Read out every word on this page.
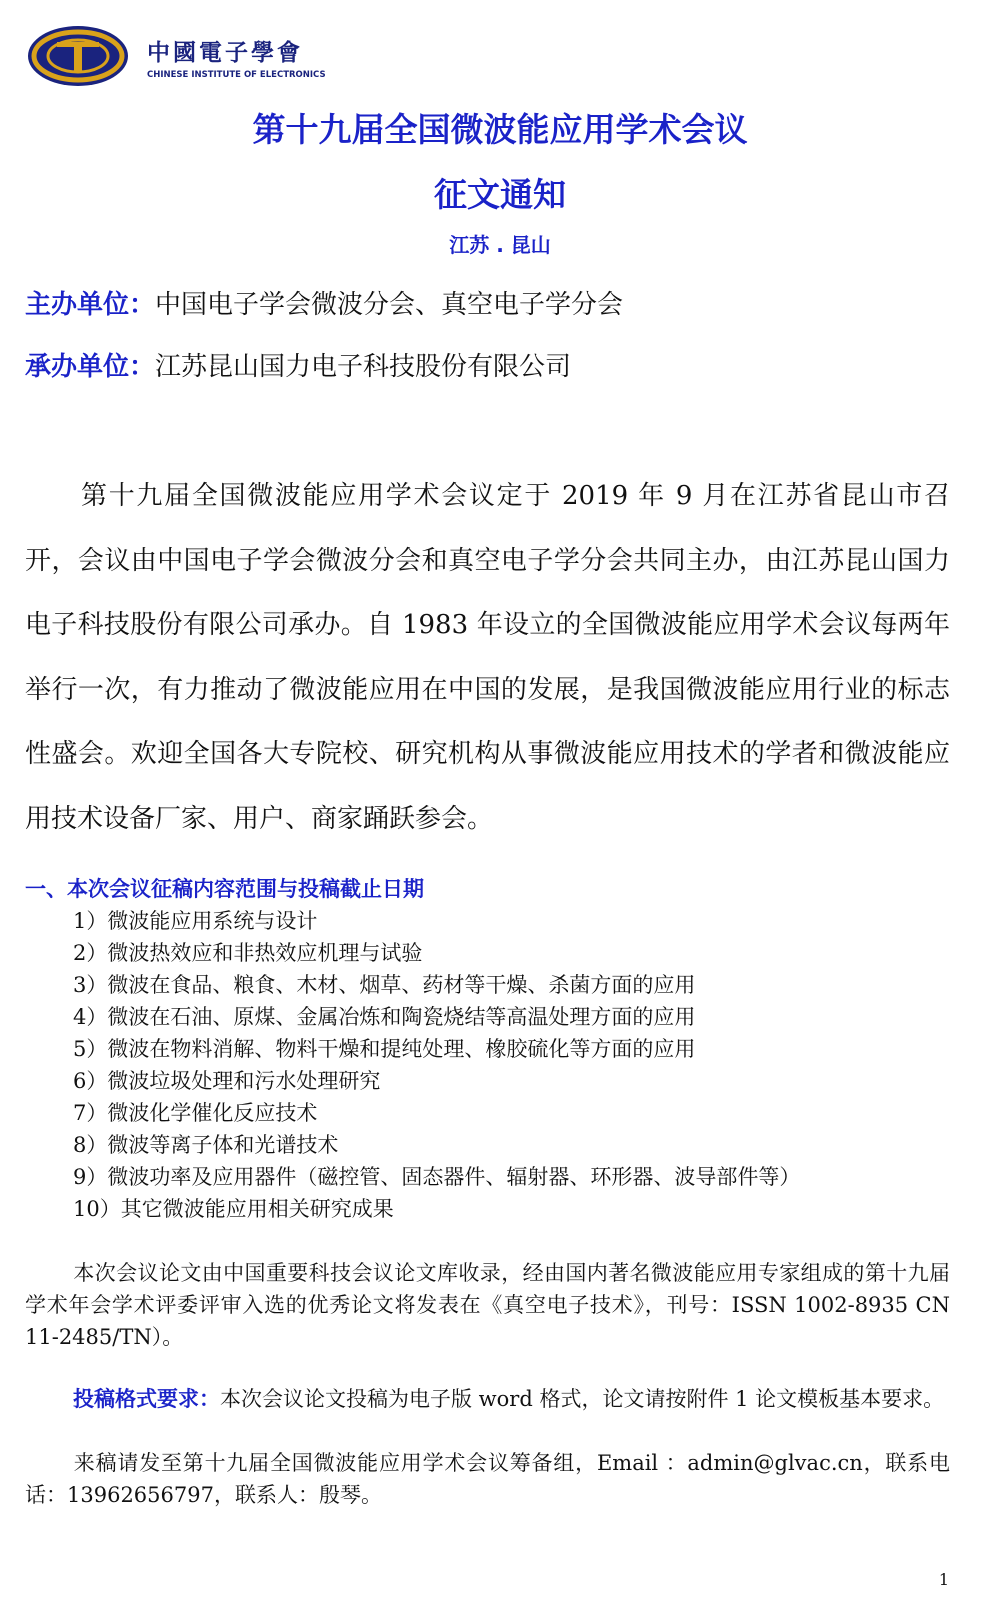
中國電子學會
CHINESE INSTITUTE OF ELECTRONICS
第十九届全国微波能应用学术会议
征文通知
江苏 . 昆山
主办单位：中国电子学会微波分会、真空电子学分会
承办单位：江苏昆山国力电子科技股份有限公司

第十九届全国微波能应用学术会议定于 2019 年 9 月在江苏省昆山市召开，会议由中国电子学会微波分会和真空电子学分会共同主办，由江苏昆山国力电子科技股份有限公司承办。自 1983 年设立的全国微波能应用学术会议每两年举行一次，有力推动了微波能应用在中国的发展，是我国微波能应用行业的标志性盛会。欢迎全国各大专院校、研究机构从事微波能应用技术的学者和微波能应用技术设备厂家、用户、商家踊跃参会。

一、本次会议征稿内容范围与投稿截止日期
1）微波能应用系统与设计
2）微波热效应和非热效应机理与试验
3）微波在食品、粮食、木材、烟草、药材等干燥、杀菌方面的应用
4）微波在石油、原煤、金属冶炼和陶瓷烧结等高温处理方面的应用
5）微波在物料消解、物料干燥和提纯处理、橡胶硫化等方面的应用
6）微波垃圾处理和污水处理研究
7）微波化学催化反应技术
8）微波等离子体和光谱技术
9）微波功率及应用器件（磁控管、固态器件、辐射器、环形器、波导部件等）
10）其它微波能应用相关研究成果

本次会议论文由中国重要科技会议论文库收录，经由国内著名微波能应用专家组成的第十九届学术年会学术评委评审入选的优秀论文将发表在《真空电子技术》，刊号：ISSN 1002-8935 CN 11-2485/TN）。

投稿格式要求：本次会议论文投稿为电子版 word 格式，论文请按附件 1 论文模板基本要求。

来稿请发至第十九届全国微波能应用学术会议筹备组，Email ：admin@glvac.cn，联系电话：13962656797，联系人：殷琴。

1
